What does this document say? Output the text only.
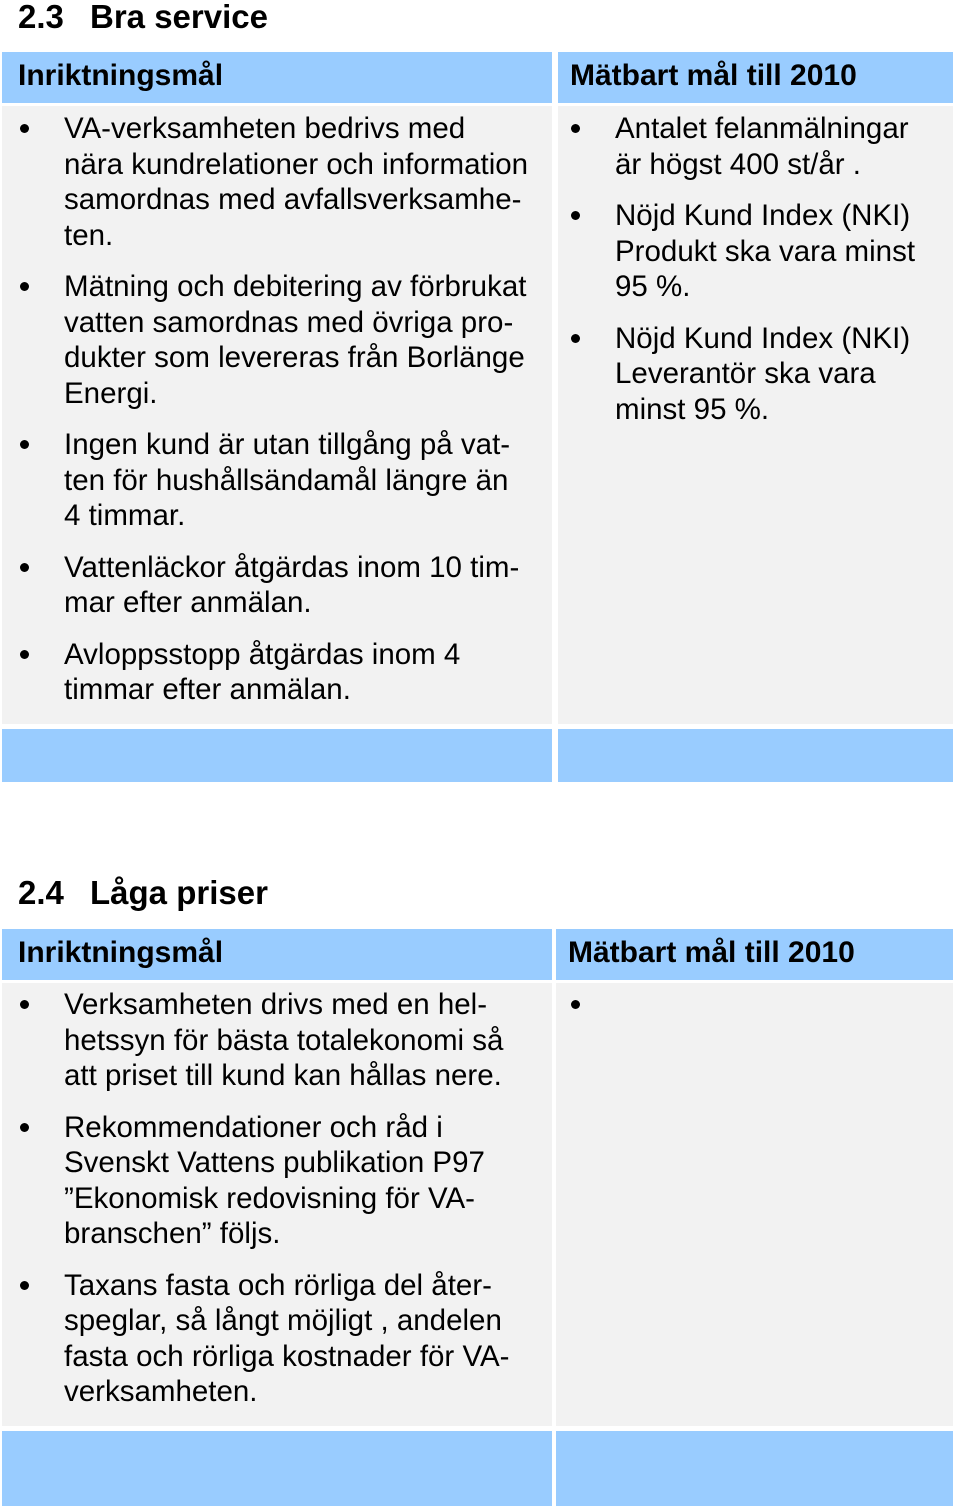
2.3 Bra service
Inriktningsmål	Mätbart mål till 2010
VA-verksamheten bedrivs med
nära kundrelationer och information
samordnas med avfallsverksamhe-
ten.
Mätning och debitering av förbrukat
vatten samordnas med övriga pro-
dukter som levereras från Borlänge
Energi.
Ingen kund är utan tillgång på vat-
ten för hushållsändamål längre än
4 timmar.
Vattenläckor åtgärdas inom 10 tim-
mar efter anmälan.
Avloppsstopp åtgärdas inom 4
timmar efter anmälan.
Antalet felanmälningar
är högst 400 st/år .
Nöjd Kund Index (NKI)
Produkt ska vara minst
95 %.
Nöjd Kund Index (NKI)
Leverantör ska vara
minst 95 %.
2.4 Låga priser
Inriktningsmål	Mätbart mål till 2010
Verksamheten drivs med en hel-
hetssyn för bästa totalekonomi så
att priset till kund kan hållas nere.
Rekommendationer och råd i
Svenskt Vattens publikation P97
”Ekonomisk redovisning för VA-
branschen” följs.
Taxans fasta och rörliga del åter-
speglar, så långt möjligt , andelen
fasta och rörliga kostnader för VA-
verksamheten.
